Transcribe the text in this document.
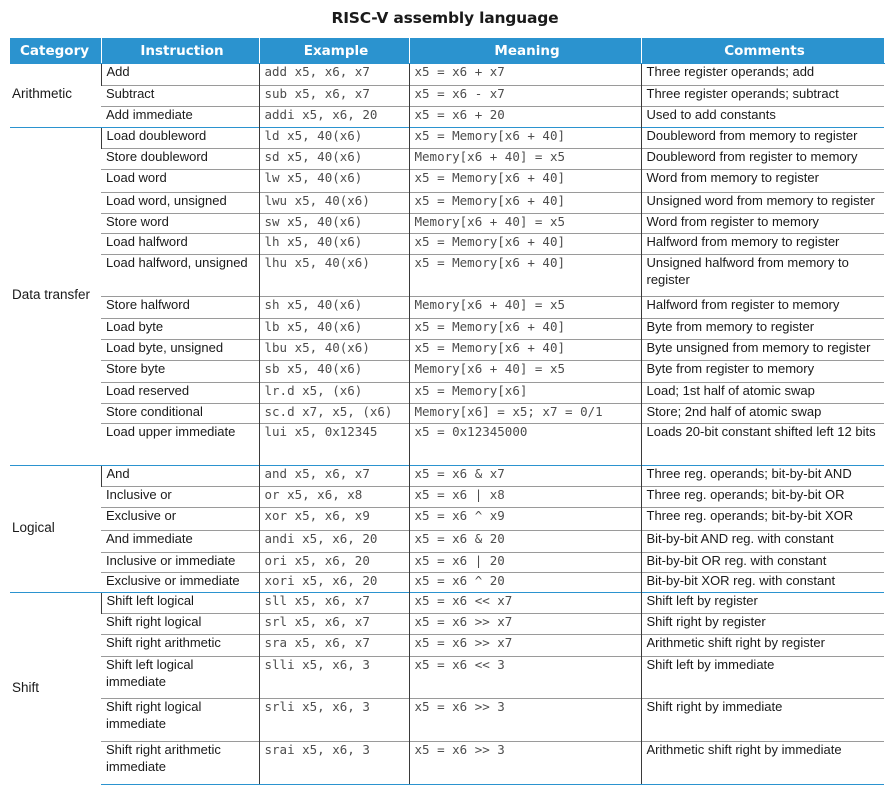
RISC-V assembly language
Category	Instruction	Example	Meaning	Comments
Arithmetic	Add	add x5, x6, x7	x5 = x6 + x7	Three register operands; add
	Subtract	sub x5, x6, x7	x5 = x6 - x7	Three register operands; subtract
	Add immediate	addi x5, x6, 20	x5 = x6 + 20	Used to add constants
Data transfer	Load doubleword	ld x5, 40(x6)	x5 = Memory[x6 + 40]	Doubleword from memory to register
	Store doubleword	sd x5, 40(x6)	Memory[x6 + 40] = x5	Doubleword from register to memory
	Load word	lw x5, 40(x6)	x5 = Memory[x6 + 40]	Word from memory to register
	Load word, unsigned	lwu x5, 40(x6)	x5 = Memory[x6 + 40]	Unsigned word from memory to register
	Store word	sw x5, 40(x6)	Memory[x6 + 40] = x5	Word from register to memory
	Load halfword	lh x5, 40(x6)	x5 = Memory[x6 + 40]	Halfword from memory to register
	Load halfword, unsigned	lhu x5, 40(x6)	x5 = Memory[x6 + 40]	Unsigned halfword from memory to register
	Store halfword	sh x5, 40(x6)	Memory[x6 + 40] = x5	Halfword from register to memory
	Load byte	lb x5, 40(x6)	x5 = Memory[x6 + 40]	Byte from memory to register
	Load byte, unsigned	lbu x5, 40(x6)	x5 = Memory[x6 + 40]	Byte unsigned from memory to register
	Store byte	sb x5, 40(x6)	Memory[x6 + 40] = x5	Byte from register to memory
	Load reserved	lr.d x5, (x6)	x5 = Memory[x6]	Load; 1st half of atomic swap
	Store conditional	sc.d x7, x5, (x6)	Memory[x6] = x5; x7 = 0/1	Store; 2nd half of atomic swap
	Load upper immediate	lui x5, 0x12345	x5 = 0x12345000	Loads 20-bit constant shifted left 12 bits
Logical	And	and x5, x6, x7	x5 = x6 & x7	Three reg. operands; bit-by-bit AND
	Inclusive or	or x5, x6, x8	x5 = x6 | x8	Three reg. operands; bit-by-bit OR
	Exclusive or	xor x5, x6, x9	x5 = x6 ^ x9	Three reg. operands; bit-by-bit XOR
	And immediate	andi x5, x6, 20	x5 = x6 & 20	Bit-by-bit AND reg. with constant
	Inclusive or immediate	ori x5, x6, 20	x5 = x6 | 20	Bit-by-bit OR reg. with constant
	Exclusive or immediate	xori x5, x6, 20	x5 = x6 ^ 20	Bit-by-bit XOR reg. with constant
Shift	Shift left logical	sll x5, x6, x7	x5 = x6 << x7	Shift left by register
	Shift right logical	srl x5, x6, x7	x5 = x6 >> x7	Shift right by register
	Shift right arithmetic	sra x5, x6, x7	x5 = x6 >> x7	Arithmetic shift right by register
	Shift left logical immediate	slli x5, x6, 3	x5 = x6 << 3	Shift left by immediate
	Shift right logical immediate	srli x5, x6, 3	x5 = x6 >> 3	Shift right by immediate
	Shift right arithmetic immediate	srai x5, x6, 3	x5 = x6 >> 3	Arithmetic shift right by immediate
